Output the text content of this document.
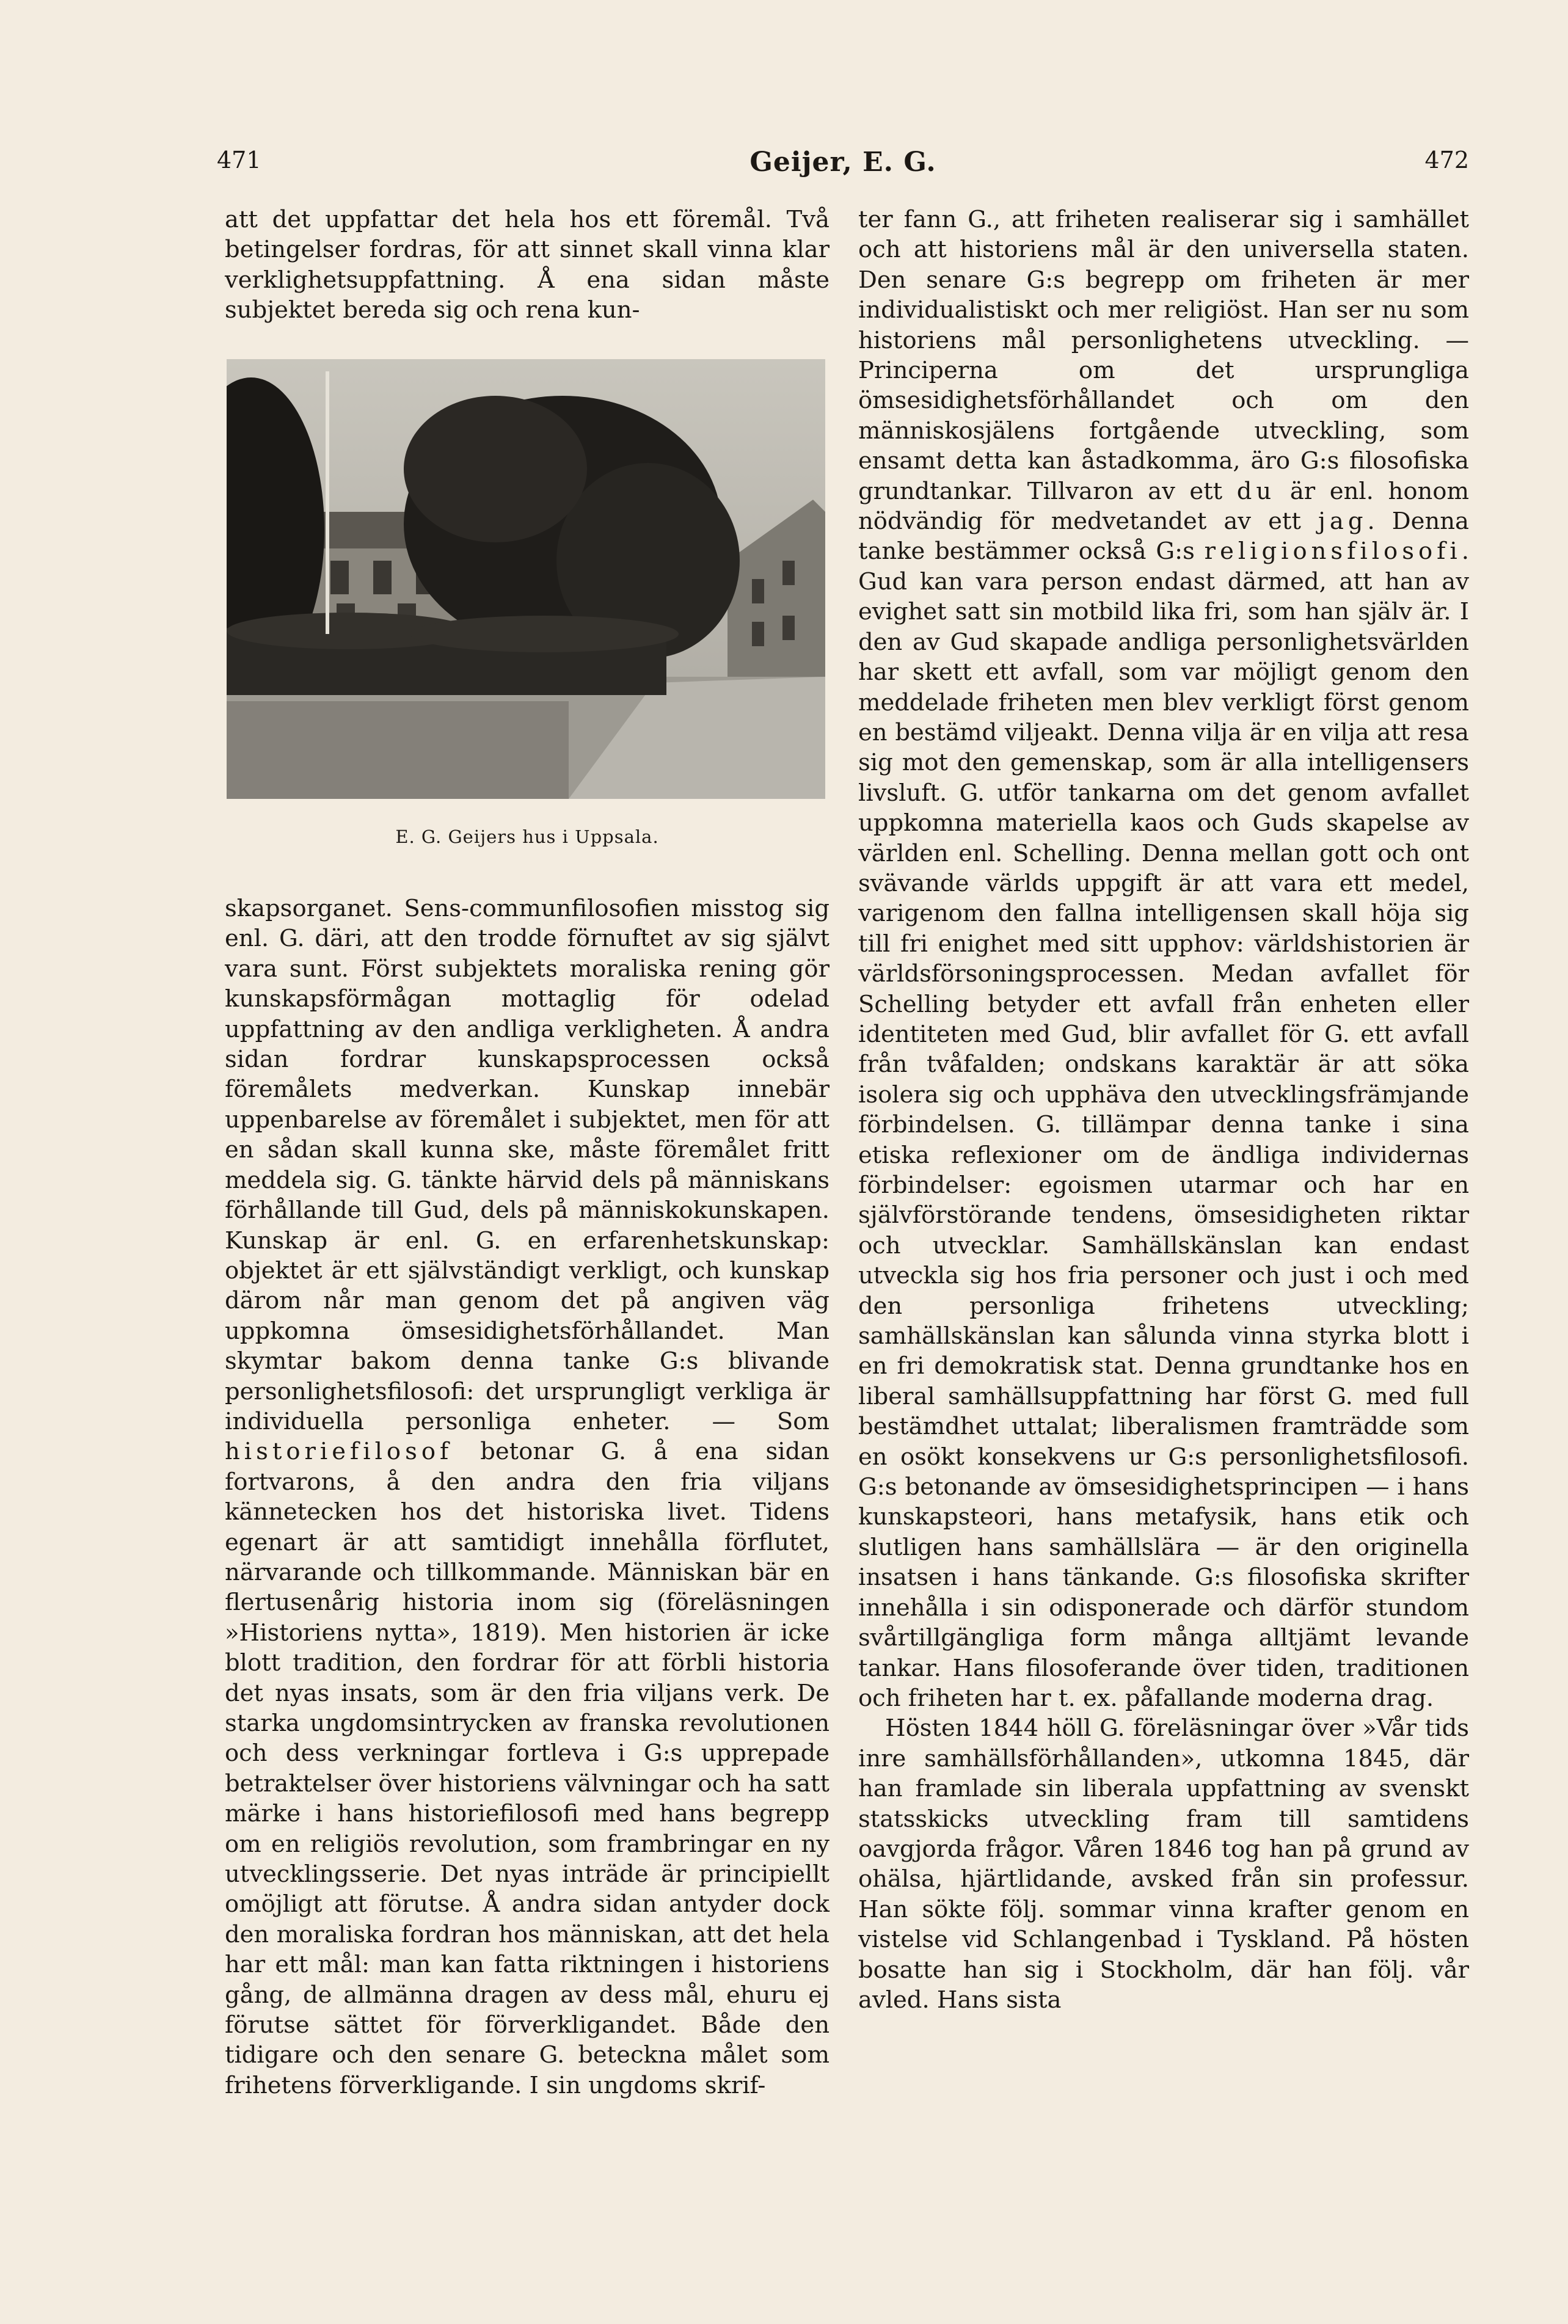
471	Geijer, E. G.	472

att det uppfattar det hela hos ett föremål. Två betingelser fordras, för att sinnet skall vinna klar verklighetsuppfattning. Å ena sidan måste subjektet bereda sig och rena kun-

E. G. Geijers hus i Uppsala.

skapsorganet. Sens-communfilosofien misstog sig enl. G. däri, att den trodde förnuftet av sig självt vara sunt. Först subjektets moraliska rening gör kunskapsförmågan mottaglig för odelad uppfattning av den andliga verkligheten. Å andra sidan fordrar kunskapsprocessen också föremålets medverkan. Kunskap innebär uppenbarelse av föremålet i subjektet, men för att en sådan skall kunna ske, måste föremålet fritt meddela sig. G. tänkte härvid dels på människans förhållande till Gud, dels på människokunskapen. Kunskap är enl. G. en erfarenhetskunskap: objektet är ett självständigt verkligt, och kunskap därom når man genom det på angiven väg uppkomna ömsesidighetsförhållandet. Man skymtar bakom denna tanke G:s blivande personlighetsfilosofi: det ursprungligt verkliga är individuella personliga enheter. — Som historiefilosof betonar G. å ena sidan fortvarons, å den andra den fria viljans kännetecken hos det historiska livet. Tidens egenart är att samtidigt innehålla förflutet, närvarande och tillkommande. Människan bär en flertusenårig historia inom sig (föreläsningen »Historiens nytta», 1819). Men historien är icke blott tradition, den fordrar för att förbli historia det nyas insats, som är den fria viljans verk. De starka ungdomsintrycken av franska revolutionen och dess verkningar fortleva i G:s upprepade betraktelser över historiens välvningar och ha satt märke i hans historiefilosofi med hans begrepp om en religiös revolution, som frambringar en ny utvecklingsserie. Det nyas inträde är principiellt omöjligt att förutse. Å andra sidan antyder dock den moraliska fordran hos människan, att det hela har ett mål: man kan fatta riktningen i historiens gång, de allmänna dragen av dess mål, ehuru ej förutse sättet för förverkligandet. Både den tidigare och den senare G. beteckna målet som frihetens förverkligande. I sin ungdoms skrif-

ter fann G., att friheten realiserar sig i samhället och att historiens mål är den universella staten. Den senare G:s begrepp om friheten är mer individualistiskt och mer religiöst. Han ser nu som historiens mål personlighetens utveckling. — Principerna om det ursprungliga ömsesidighetsförhållandet och om den människosjälens fortgående utveckling, som ensamt detta kan åstadkomma, äro G:s filosofiska grundtankar. Tillvaron av ett du är enl. honom nödvändig för medvetandet av ett jag. Denna tanke bestämmer också G:s religionsfilosofi. Gud kan vara person endast därmed, att han av evighet satt sin motbild lika fri, som han själv är. I den av Gud skapade andliga personlighetsvärlden har skett ett avfall, som var möjligt genom den meddelade friheten men blev verkligt först genom en bestämd viljeakt. Denna vilja är en vilja att resa sig mot den gemenskap, som är alla intelligensers livsluft. G. utför tankarna om det genom avfallet uppkomna materiella kaos och Guds skapelse av världen enl. Schelling. Denna mellan gott och ont svävande världs uppgift är att vara ett medel, varigenom den fallna intelligensen skall höja sig till fri enighet med sitt upphov: världshistorien är världsförsoningsprocessen. Medan avfallet för Schelling betyder ett avfall från enheten eller identiteten med Gud, blir avfallet för G. ett avfall från tvåfalden; ondskans karaktär är att söka isolera sig och upphäva den utvecklingsfrämjande förbindelsen. G. tillämpar denna tanke i sina etiska reflexioner om de ändliga individernas förbindelser: egoismen utarmar och har en självförstörande tendens, ömsesidigheten riktar och utvecklar. Samhällskänslan kan endast utveckla sig hos fria personer och just i och med den personliga frihetens utveckling; samhällskänslan kan sålunda vinna styrka blott i en fri demokratisk stat. Denna grundtanke hos en liberal samhällsuppfattning har först G. med full bestämdhet uttalat; liberalismen framträdde som en osökt konsekvens ur G:s personlighetsfilosofi. G:s betonande av ömsesidighetsprincipen — i hans kunskapsteori, hans metafysik, hans etik och slutligen hans samhällslära — är den originella insatsen i hans tänkande. G:s filosofiska skrifter innehålla i sin odisponerade och därför stundom svårtillgängliga form många alltjämt levande tankar. Hans filosoferande över tiden, traditionen och friheten har t. ex. påfallande moderna drag.

Hösten 1844 höll G. föreläsningar över »Vår tids inre samhällsförhållanden», utkomna 1845, där han framlade sin liberala uppfattning av svenskt statsskicks utveckling fram till samtidens oavgjorda frågor. Våren 1846 tog han på grund av ohälsa, hjärtlidande, avsked från sin professur. Han sökte följ. sommar vinna krafter genom en vistelse vid Schlangenbad i Tyskland. På hösten bosatte han sig i Stockholm, där han följ. vår avled. Hans sista
